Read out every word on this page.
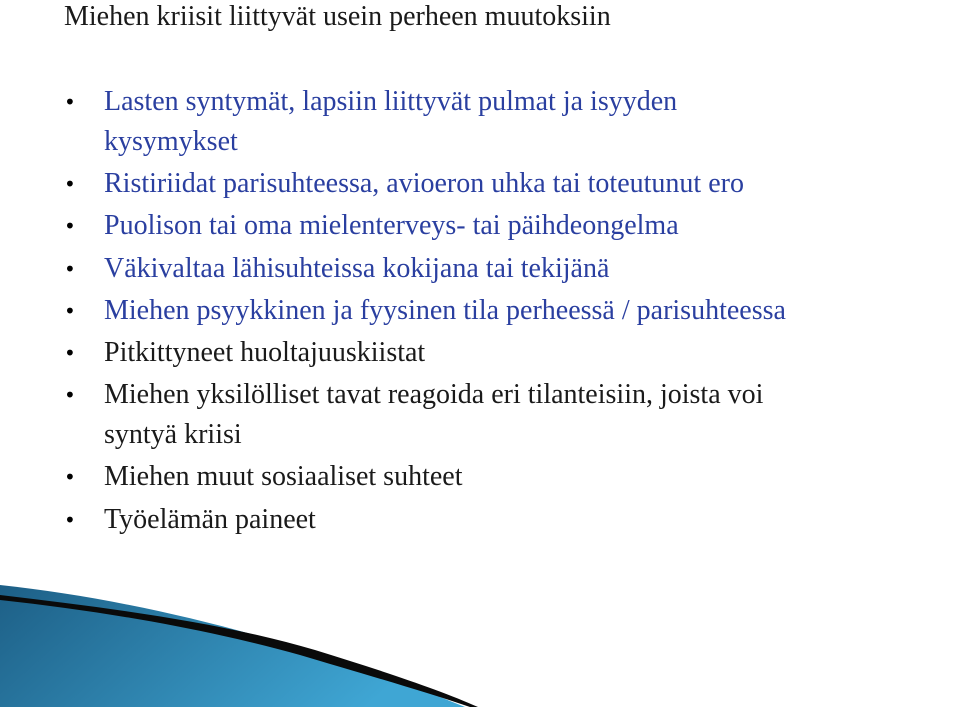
Miehen kriisit liittyvät usein perheen muutoksiin
• Lasten syntymät, lapsiin liittyvät pulmat ja isyyden
kysymykset
• Ristiriidat parisuhteessa, avioeron uhka tai toteutunut ero
• Puolison tai oma mielenterveys- tai päihdeongelma
• Väkivaltaa lähisuhteissa kokijana tai tekijänä
• Miehen psyykkinen ja fyysinen tila perheessä / parisuhteessa
• Pitkittyneet huoltajuuskiistat
• Miehen yksilölliset tavat reagoida eri tilanteisiin, joista voi
syntyä kriisi
• Miehen muut sosiaaliset suhteet
• Työelämän paineet
